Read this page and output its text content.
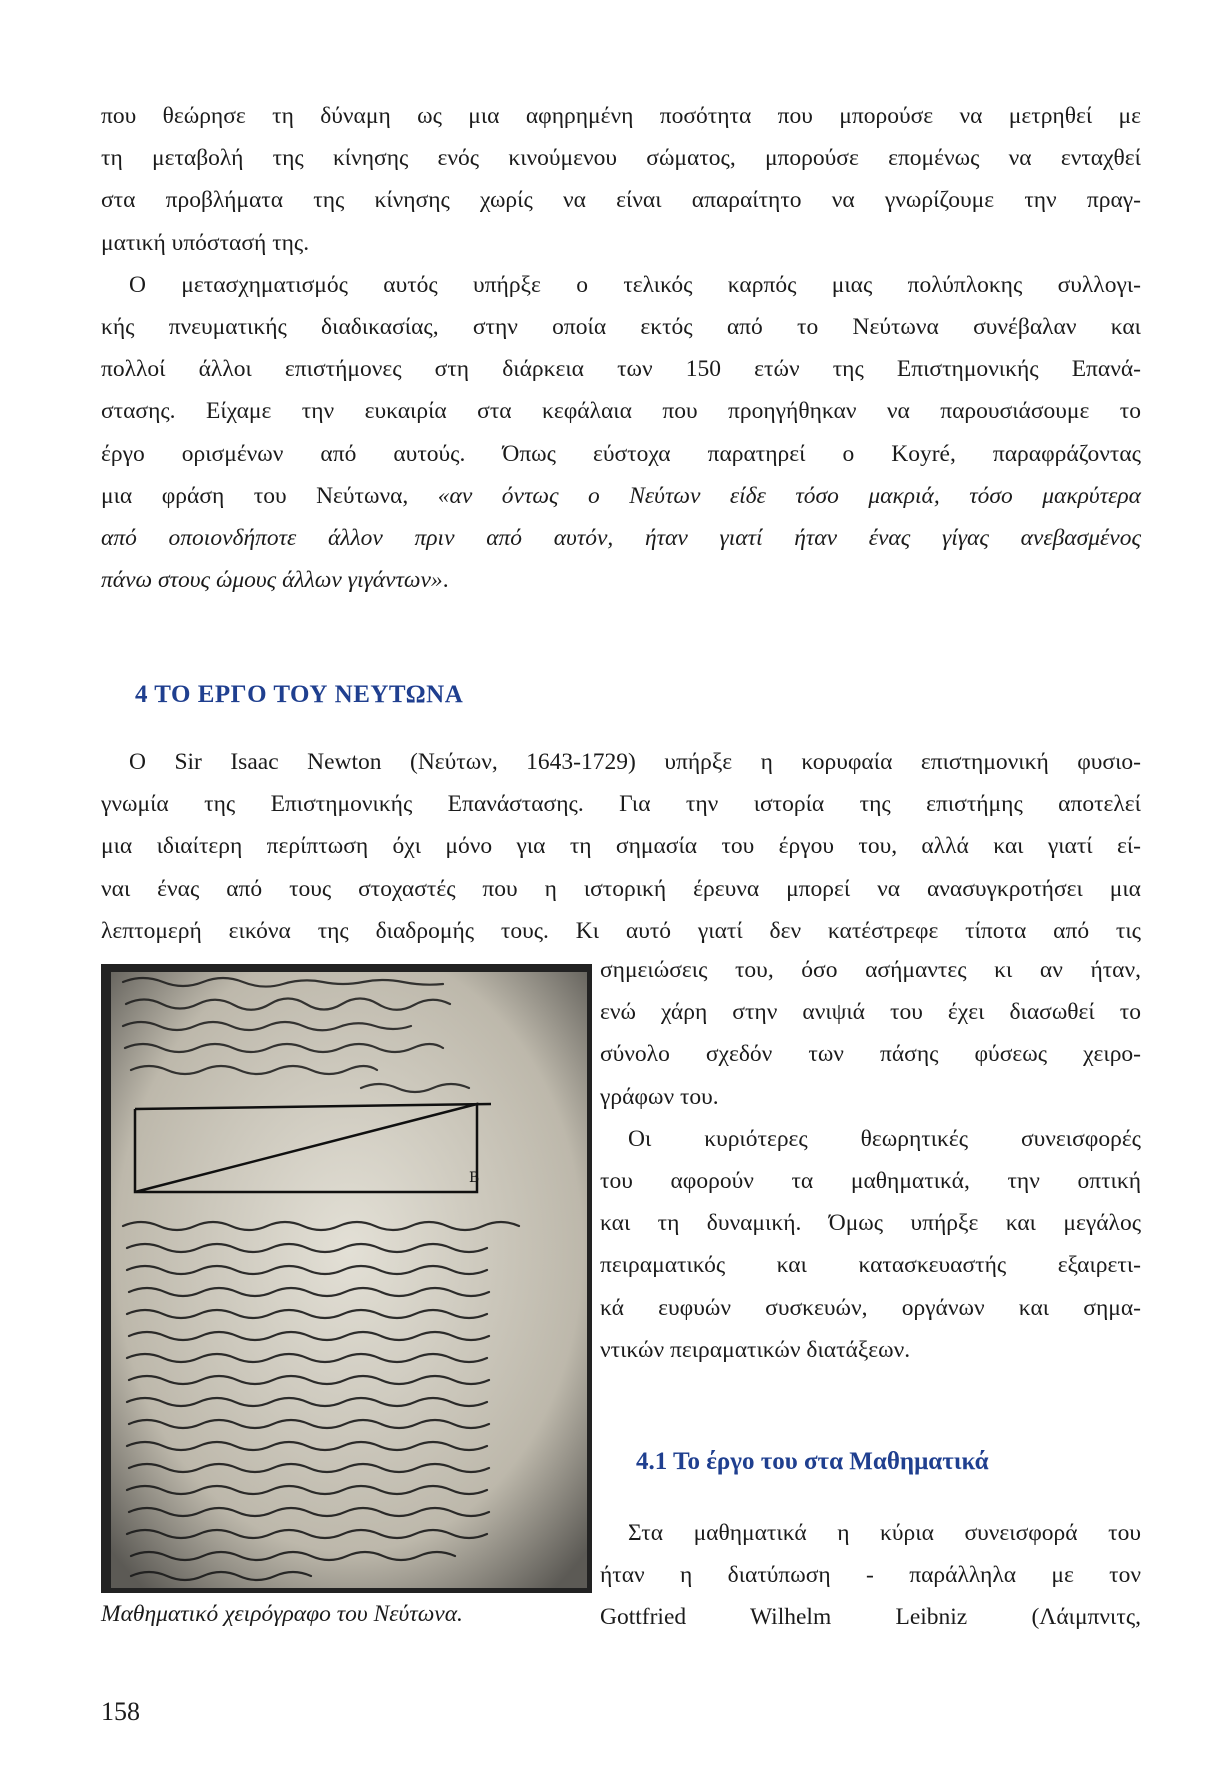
που θεώρησε τη δύναμη ως μια αφηρημένη ποσότητα που μπορούσε να μετρηθεί με
τη μεταβολή της κίνησης ενός κινούμενου σώματος, μπορούσε επομένως να ενταχθεί
στα προβλήματα της κίνησης χωρίς να είναι απαραίτητο να γνωρίζουμε την πραγ-
ματική υπόστασή της.
Ο μετασχηματισμός αυτός υπήρξε ο τελικός καρπός μιας πολύπλοκης συλλογι-
κής πνευματικής διαδικασίας, στην οποία εκτός από το Νεύτωνα συνέβαλαν και
πολλοί άλλοι επιστήμονες στη διάρκεια των 150 ετών της Επιστημονικής Επανά-
στασης. Είχαμε την ευκαιρία στα κεφάλαια που προηγήθηκαν να παρουσιάσουμε το
έργο ορισμένων από αυτούς. Όπως εύστοχα παρατηρεί ο Koyré, παραφράζοντας
μια φράση του Νεύτωνα, «αν όντως ο Νεύτων είδε τόσο μακριά, τόσο μακρύτερα
από οποιονδήποτε άλλον πριν από αυτόν, ήταν γιατί ήταν ένας γίγας ανεβασμένος
πάνω στους ώμους άλλων γιγάντων».
4 ΤΟ ΕΡΓΟ ΤΟΥ ΝΕΥΤΩΝΑ
Ο Sir Isaac Newton (Νεύτων, 1643-1729) υπήρξε η κορυφαία επιστημονική φυσιο-
γνωμία της Επιστημονικής Επανάστασης. Για την ιστορία της επιστήμης αποτελεί
μια ιδιαίτερη περίπτωση όχι μόνο για τη σημασία του έργου του, αλλά και γιατί εί-
ναι ένας από τους στοχαστές που η ιστορική έρευνα μπορεί να ανασυγκροτήσει μια
λεπτομερή εικόνα της διαδρομής τους. Κι αυτό γιατί δεν κατέστρεφε τίποτα από τις
B
σημειώσεις του, όσο ασήμαντες κι αν ήταν,
ενώ χάρη στην ανιψιά του έχει διασωθεί το
σύνολο σχεδόν των πάσης φύσεως χειρο-
γράφων του.
Οι κυριότερες θεωρητικές συνεισφορές
του αφορούν τα μαθηματικά, την οπτική
και τη δυναμική. Όμως υπήρξε και μεγάλος
πειραματικός και κατασκευαστής εξαιρετι-
κά ευφυών συσκευών, οργάνων και σημα-
ντικών πειραματικών διατάξεων.
4.1 Το έργο του στα Μαθηματικά
Στα μαθηματικά η κύρια συνεισφορά του
ήταν η διατύπωση - παράλληλα με τον
Gottfried Wilhelm Leibniz (Λάιμπνιτς,
Μαθηματικό χειρόγραφο του Νεύτωνα.
158
